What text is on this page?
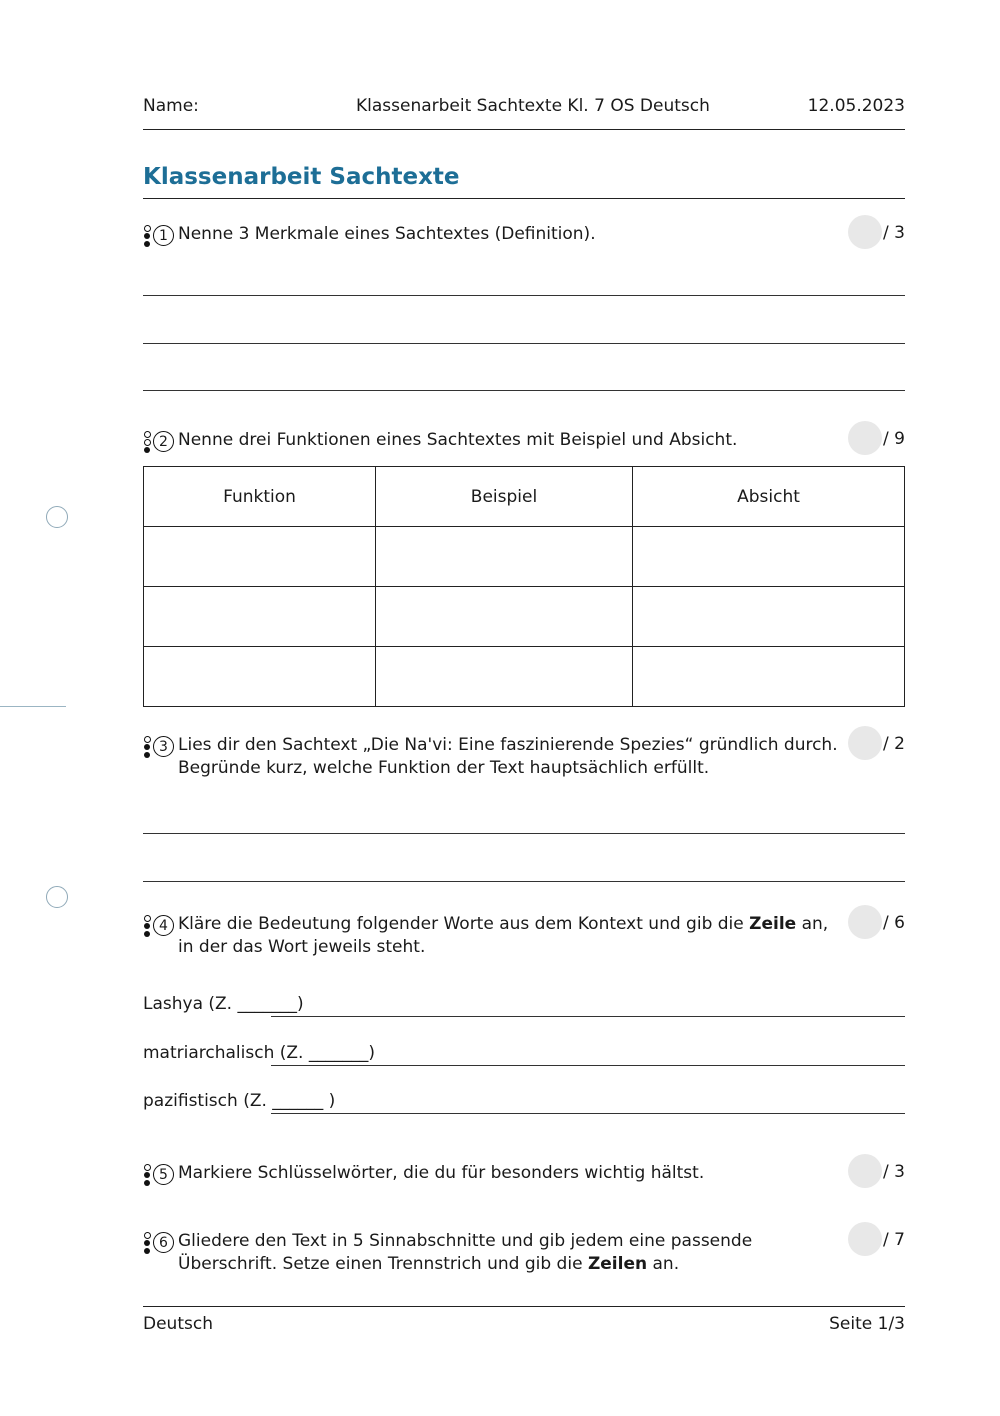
Name:	Klassenarbeit Sachtexte Kl. 7 OS Deutsch	12.05.2023
Klassenarbeit Sachtexte
1 Nenne 3 Merkmale eines Sachtextes (Definition).	/ 3
2 Nenne drei Funktionen eines Sachtextes mit Beispiel und Absicht.	/ 9
Funktion	Beispiel	Absicht

3 Lies dir den Sachtext „Die Na'vi: Eine faszinierende Spezies“ gründlich durch. Begründe kurz, welche Funktion der Text hauptsächlich erfüllt.
/ 2
4 Kläre die Bedeutung folgender Worte aus dem Kontext und gib die Zeile an, in der das Wort jeweils steht.
/ 6
Lashya (Z. _______)
matriarchalisch (Z. _______)
pazifistisch (Z. ______ )
5 Markiere Schlüsselwörter, die du für besonders wichtig hältst.	/ 3
6 Gliedere den Text in 5 Sinnabschnitte und gib jedem eine passende Überschrift. Setze einen Trennstrich und gib die Zeilen an.
/ 7
Deutsch	Seite 1/3
